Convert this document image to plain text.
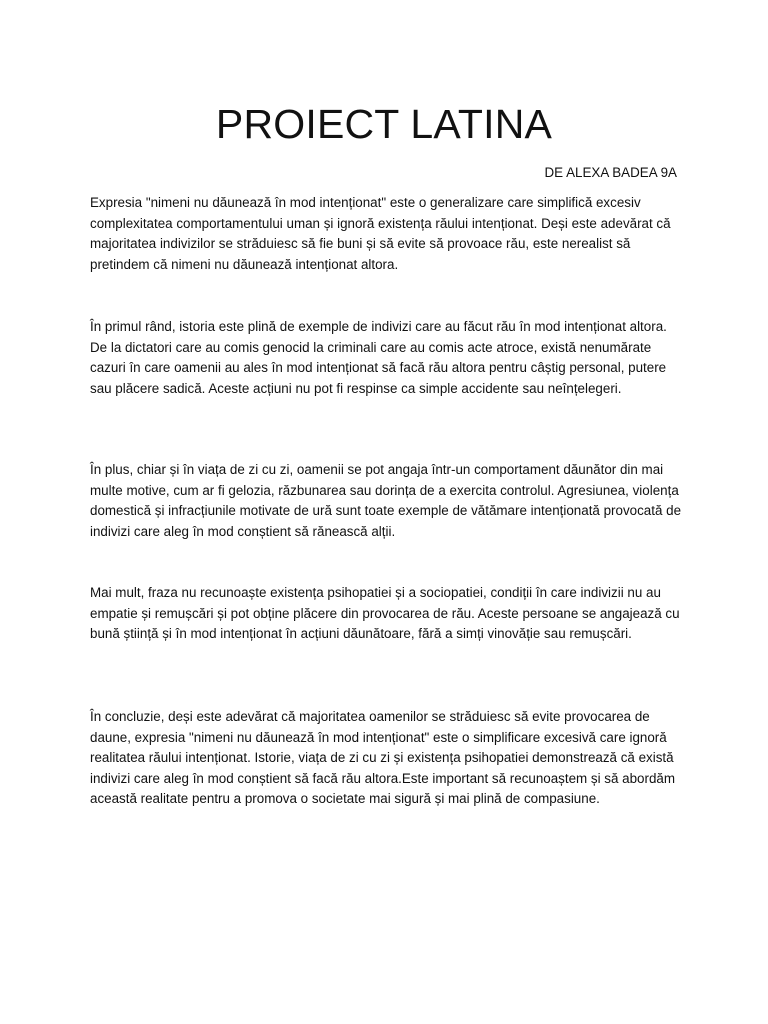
PROIECT LATINA
DE ALEXA BADEA 9A

Expresia "nimeni nu dăunează în mod intenționat" este o generalizare care simplifică excesiv complexitatea comportamentului uman și ignoră existența răului intenționat. Deși este adevărat că majoritatea indivizilor se străduiesc să fie buni și să evite să provoace rău, este nerealist să pretindem că nimeni nu dăunează intenționat altora.

În primul rând, istoria este plină de exemple de indivizi care au făcut rău în mod intenționat altora. De la dictatori care au comis genocid la criminali care au comis acte atroce, există nenumărate cazuri în care oamenii au ales în mod intenționat să facă rău altora pentru câștig personal, putere sau plăcere sadică. Aceste acțiuni nu pot fi respinse ca simple accidente sau neînțelegeri.

În plus, chiar și în viața de zi cu zi, oamenii se pot angaja într-un comportament dăunător din mai multe motive, cum ar fi gelozia, răzbunarea sau dorința de a exercita controlul. Agresiunea, violența domestică și infracțiunile motivate de ură sunt toate exemple de vătămare intenționată provocată de indivizi care aleg în mod conștient să rănească alții.

Mai mult, fraza nu recunoaște existența psihopatiei și a sociopatiei, condiții în care indivizii nu au empatie și remușcări și pot obține plăcere din provocarea de rău. Aceste persoane se angajează cu bună știință și în mod intenționat în acțiuni dăunătoare, fără a simți vinovăție sau remușcări.

În concluzie, deși este adevărat că majoritatea oamenilor se străduiesc să evite provocarea de daune, expresia "nimeni nu dăunează în mod intenționat" este o simplificare excesivă care ignoră realitatea răului intenționat. Istorie, viața de zi cu zi și existența psihopatiei demonstrează că există indivizi care aleg în mod conștient să facă rău altora.Este important să recunoaștem și să abordăm această realitate pentru a promova o societate mai sigură și mai plină de compasiune.
